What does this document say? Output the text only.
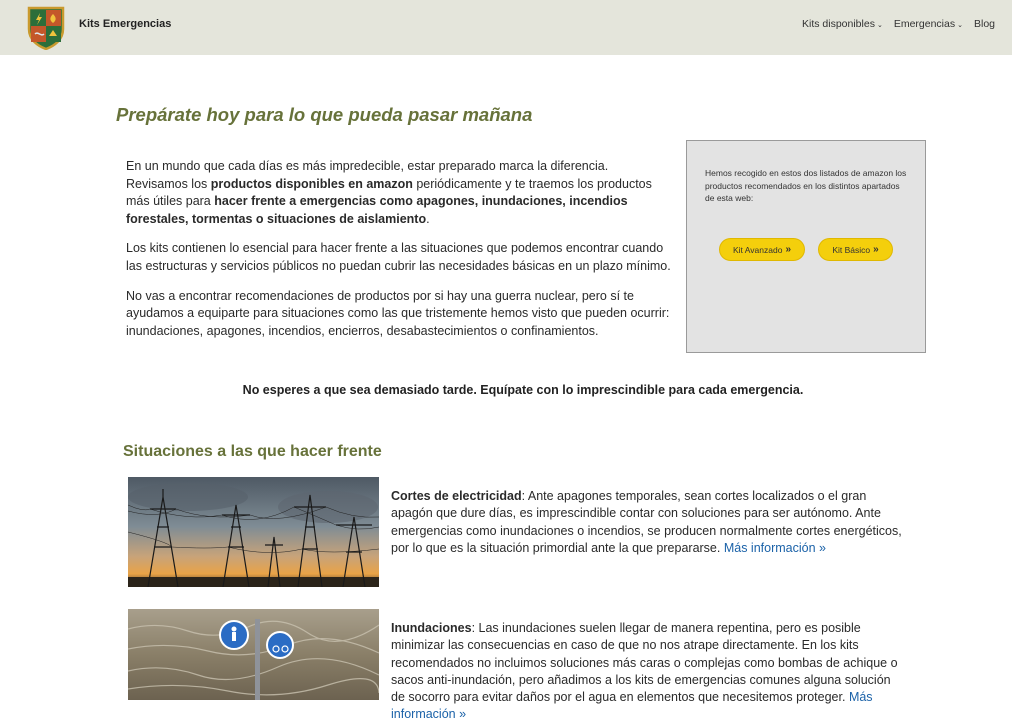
Kits Emergencias	Kits disponibles ⌄ Emergencias ⌄ Blog
Prepárate hoy para lo que pueda pasar mañana

En un mundo que cada días es más impredecible, estar preparado marca la diferencia. Revisamos los productos disponibles en amazon periódicamente y te traemos los productos más útiles para hacer frente a emergencias como apagones, inundaciones, incendios forestales, tormentas o situaciones de aislamiento.

Los kits contienen lo esencial para hacer frente a las situaciones que podemos encontrar cuando las estructuras y servicios públicos no puedan cubrir las necesidades básicas en un plazo mínimo.

No vas a encontrar recomendaciones de productos por si hay una guerra nuclear, pero sí te ayudamos a equiparte para situaciones como las que tristemente hemos visto que pueden ocurrir: inundaciones, apagones, incendios, encierros, desabastecimientos o confinamientos.

Hemos recogido en estos dos listados de amazon los productos recomendados en los distintos apartados de esta web:
Kit Avanzado »	Kit Básico »
No esperes a que sea demasiado tarde. Equípate con lo imprescindible para cada emergencia.
Situaciones a las que hacer frente
Cortes de electricidad: Ante apagones temporales, sean cortes localizados o el gran apagón que dure días, es imprescindible contar con soluciones para ser autónomo. Ante emergencias como inundaciones o incendios, se producen normalmente cortes energéticos, por lo que es la situación primordial ante la que prepararse. Más información »
Inundaciones: Las inundaciones suelen llegar de manera repentina, pero es posible minimizar las consecuencias en caso de que no nos atrape directamente. En los kits recomendados no incluimos soluciones más caras o complejas como bombas de achique o sacos anti-inundación, pero añadimos a los kits de emergencias comunes alguna solución de socorro para evitar daños por el agua en elementos que necesitemos proteger. Más información »
